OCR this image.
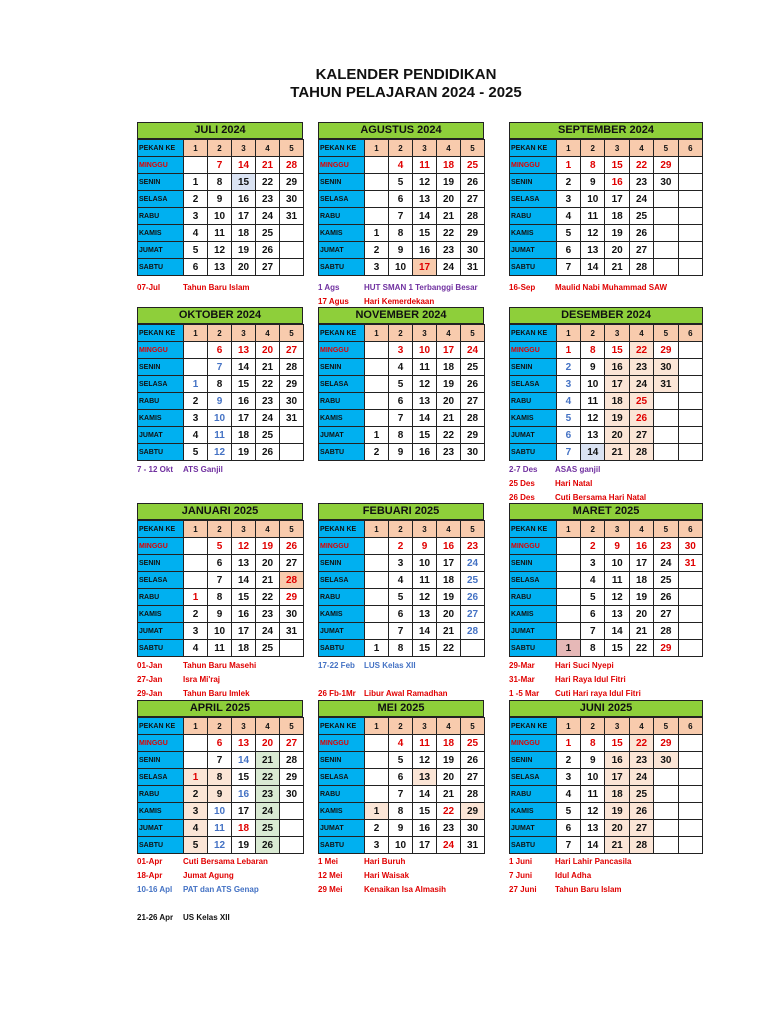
KALENDER PENDIDIKAN
TAHUN PELAJARAN 2024 - 2025
JULI 2024
PEKAN KE	1	2	3	4	5
MINGGU		7	14	21	28
SENIN	1	8	15	22	29
SELASA	2	9	16	23	30
RABU	3	10	17	24	31
KAMIS	4	11	18	25	
JUMAT	5	12	19	26	
SABTU	6	13	20	27	
AGUSTUS 2024
PEKAN KE	1	2	3	4	5
MINGGU		4	11	18	25
SENIN		5	12	19	26
SELASA		6	13	20	27
RABU		7	14	21	28
KAMIS	1	8	15	22	29
JUMAT	2	9	16	23	30
SABTU	3	10	17	24	31
SEPTEMBER 2024
PEKAN KE	1	2	3	4	5	6
MINGGU	1	8	15	22	29	
SENIN	2	9	16	23	30	
SELASA	3	10	17	24		
RABU	4	11	18	25		
KAMIS	5	12	19	26		
JUMAT	6	13	20	27		
SABTU	7	14	21	28		
OKTOBER 2024
PEKAN KE	1	2	3	4	5
MINGGU		6	13	20	27
SENIN		7	14	21	28
SELASA	1	8	15	22	29
RABU	2	9	16	23	30
KAMIS	3	10	17	24	31
JUMAT	4	11	18	25	
SABTU	5	12	19	26	
NOVEMBER 2024
PEKAN KE	1	2	3	4	5
MINGGU		3	10	17	24
SENIN		4	11	18	25
SELASA		5	12	19	26
RABU		6	13	20	27
KAMIS		7	14	21	28
JUMAT	1	8	15	22	29
SABTU	2	9	16	23	30
DESEMBER 2024
PEKAN KE	1	2	3	4	5	6
MINGGU	1	8	15	22	29	
SENIN	2	9	16	23	30	
SELASA	3	10	17	24	31	
RABU	4	11	18	25		
KAMIS	5	12	19	26		
JUMAT	6	13	20	27		
SABTU	7	14	21	28		
JANUARI 2025
PEKAN KE	1	2	3	4	5
MINGGU		5	12	19	26
SENIN		6	13	20	27
SELASA		7	14	21	28
RABU	1	8	15	22	29
KAMIS	2	9	16	23	30
JUMAT	3	10	17	24	31
SABTU	4	11	18	25	
FEBUARI 2025
PEKAN KE	1	2	3	4	5
MINGGU		2	9	16	23
SENIN		3	10	17	24
SELASA		4	11	18	25
RABU		5	12	19	26
KAMIS		6	13	20	27
JUMAT		7	14	21	28
SABTU	1	8	15	22	
MARET 2025
PEKAN KE	1	2	3	4	5	6
MINGGU		2	9	16	23	30
SENIN		3	10	17	24	31
SELASA		4	11	18	25	
RABU		5	12	19	26	
KAMIS		6	13	20	27	
JUMAT		7	14	21	28	
SABTU	1	8	15	22	29	
APRIL 2025
PEKAN KE	1	2	3	4	5
MINGGU		6	13	20	27
SENIN		7	14	21	28
SELASA	1	8	15	22	29
RABU	2	9	16	23	30
KAMIS	3	10	17	24	
JUMAT	4	11	18	25	
SABTU	5	12	19	26	
MEI 2025
PEKAN KE	1	2	3	4	5
MINGGU		4	11	18	25
SENIN		5	12	19	26
SELASA		6	13	20	27
RABU		7	14	21	28
KAMIS	1	8	15	22	29
JUMAT	2	9	16	23	30
SABTU	3	10	17	24	31
JUNI 2025
PEKAN KE	1	2	3	4	5	6
MINGGU	1	8	15	22	29	
SENIN	2	9	16	23	30	
SELASA	3	10	17	24		
RABU	4	11	18	25		
KAMIS	5	12	19	26		
JUMAT	6	13	20	27		
SABTU	7	14	21	28		
07-Jul	Tahun Baru Islam	1 Ags	HUT SMAN 1 Terbanggi Besar
17 Agus	Hari Kemerdekaan
16-Sep	Maulid Nabi Muhammad SAW
7 - 12 Okt	ATS Ganjil	2-7 Des	ASAS ganjil
25 Des	Hari Natal
26 Des	Cuti Bersama Hari Natal
01-Jan	Tahun Baru Masehi
27-Jan	Isra Mi'raj
29-Jan	Tahun Baru Imlek
17-22 Feb	LUS Kelas XII
26 Fb-1Mr	Libur Awal Ramadhan
29-Mar	Hari Suci Nyepi
31-Mar	Hari Raya Idul Fitri
1 -5 Mar	Cuti Hari raya Idul Fitri
01-Apr	Cuti Bersama Lebaran
18-Apr	Jumat Agung
10-16 Apl	PAT dan ATS Genap
21-26 Apr	US Kelas XII
1 Mei	Hari Buruh
12 Mei	Hari Waisak
29 Mei	Kenaikan Isa Almasih
1 Juni	Hari Lahir Pancasila
7 Juni	Idul Adha
27 Juni	Tahun Baru Islam
